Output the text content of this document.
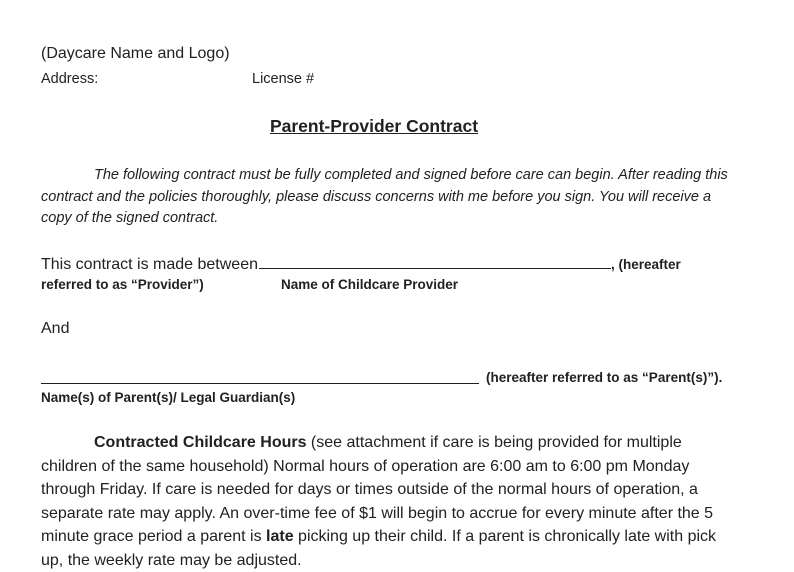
(Daycare Name and Logo)
Address:	License #
Parent-Provider Contract
The following contract must be fully completed and signed before care can begin. After reading this contract and the policies thoroughly, please discuss concerns with me before you sign. You will receive a copy of the signed contract.
This contract is made between	, (hereafter
referred to as “Provider”)	Name of Childcare Provider
And
(hereafter referred to as “Parent(s)”).
Name(s) of Parent(s)/ Legal Guardian(s)
Contracted Childcare Hours (see attachment if care is being provided for multiple children of the same household) Normal hours of operation are 6:00 am to 6:00 pm Monday through Friday. If care is needed for days or times outside of the normal hours of operation, a separate rate may apply. An over-time fee of $1 will begin to accrue for every minute after the 5 minute grace period a parent is late picking up their child. If a parent is chronically late with pick up, the weekly rate may be adjusted.
